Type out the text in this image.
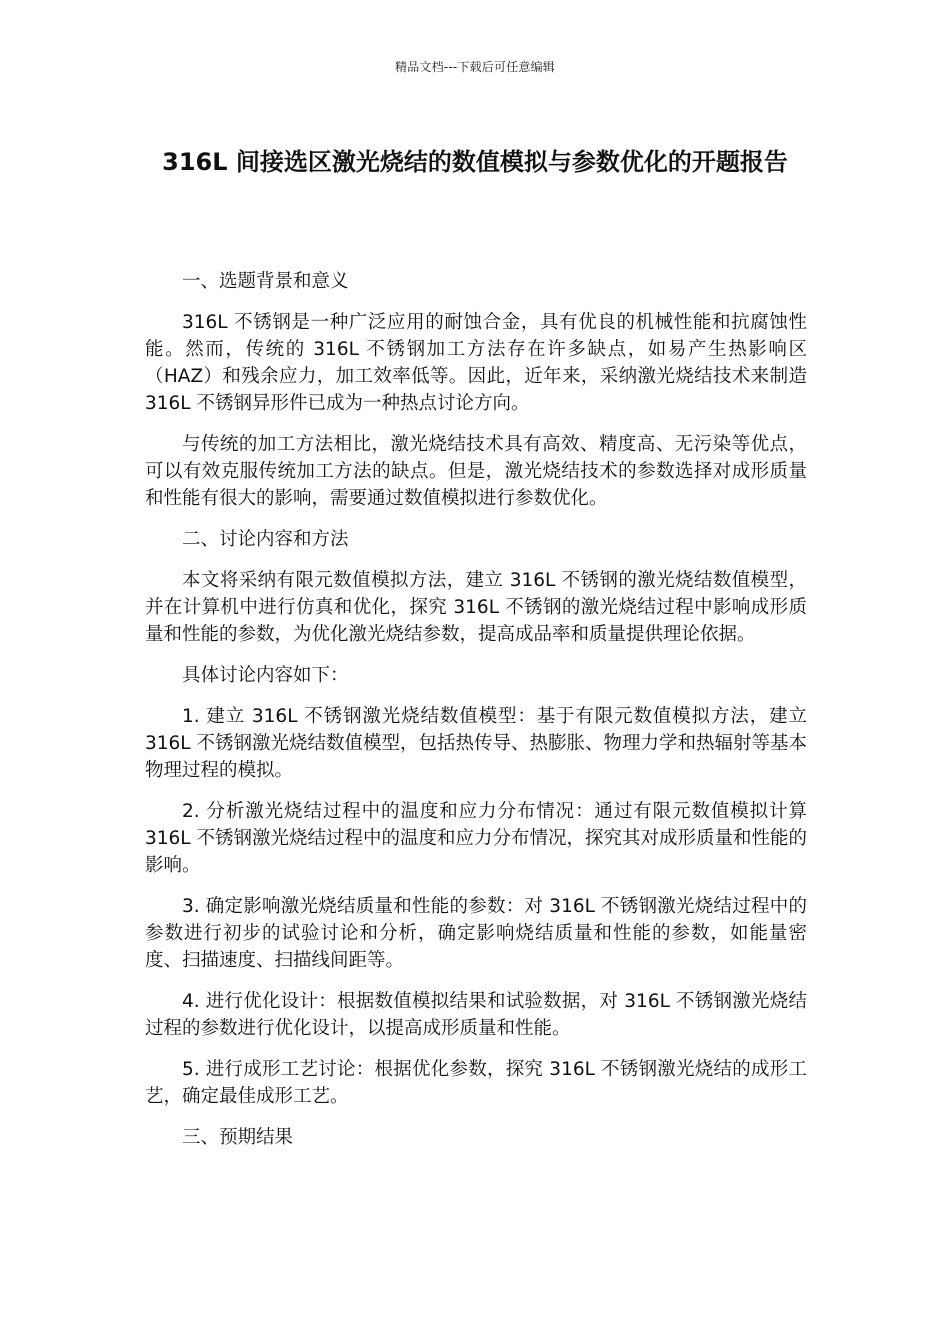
精品文档---下载后可任意编辑
316L 间接选区激光烧结的数值模拟与参数优化的开题报告

一、选题背景和意义

316L 不锈钢是一种广泛应用的耐蚀合金，具有优良的机械性能和抗腐蚀性能。然而，传统的 316L 不锈钢加工方法存在许多缺点，如易产生热影响区（HAZ）和残余应力，加工效率低等。因此，近年来，采纳激光烧结技术来制造 316L 不锈钢异形件已成为一种热点讨论方向。

与传统的加工方法相比，激光烧结技术具有高效、精度高、无污染等优点，可以有效克服传统加工方法的缺点。但是，激光烧结技术的参数选择对成形质量和性能有很大的影响，需要通过数值模拟进行参数优化。

二、讨论内容和方法

本文将采纳有限元数值模拟方法，建立 316L 不锈钢的激光烧结数值模型，并在计算机中进行仿真和优化，探究 316L 不锈钢的激光烧结过程中影响成形质量和性能的参数，为优化激光烧结参数，提高成品率和质量提供理论依据。

具体讨论内容如下：

1. 建立 316L 不锈钢激光烧结数值模型：基于有限元数值模拟方法，建立 316L 不锈钢激光烧结数值模型，包括热传导、热膨胀、物理力学和热辐射等基本物理过程的模拟。

2. 分析激光烧结过程中的温度和应力分布情况：通过有限元数值模拟计算 316L 不锈钢激光烧结过程中的温度和应力分布情况，探究其对成形质量和性能的影响。

3. 确定影响激光烧结质量和性能的参数：对 316L 不锈钢激光烧结过程中的参数进行初步的试验讨论和分析，确定影响烧结质量和性能的参数，如能量密度、扫描速度、扫描线间距等。

4. 进行优化设计：根据数值模拟结果和试验数据，对 316L 不锈钢激光烧结过程的参数进行优化设计，以提高成形质量和性能。

5. 进行成形工艺讨论：根据优化参数，探究 316L 不锈钢激光烧结的成形工艺，确定最佳成形工艺。

三、预期结果
